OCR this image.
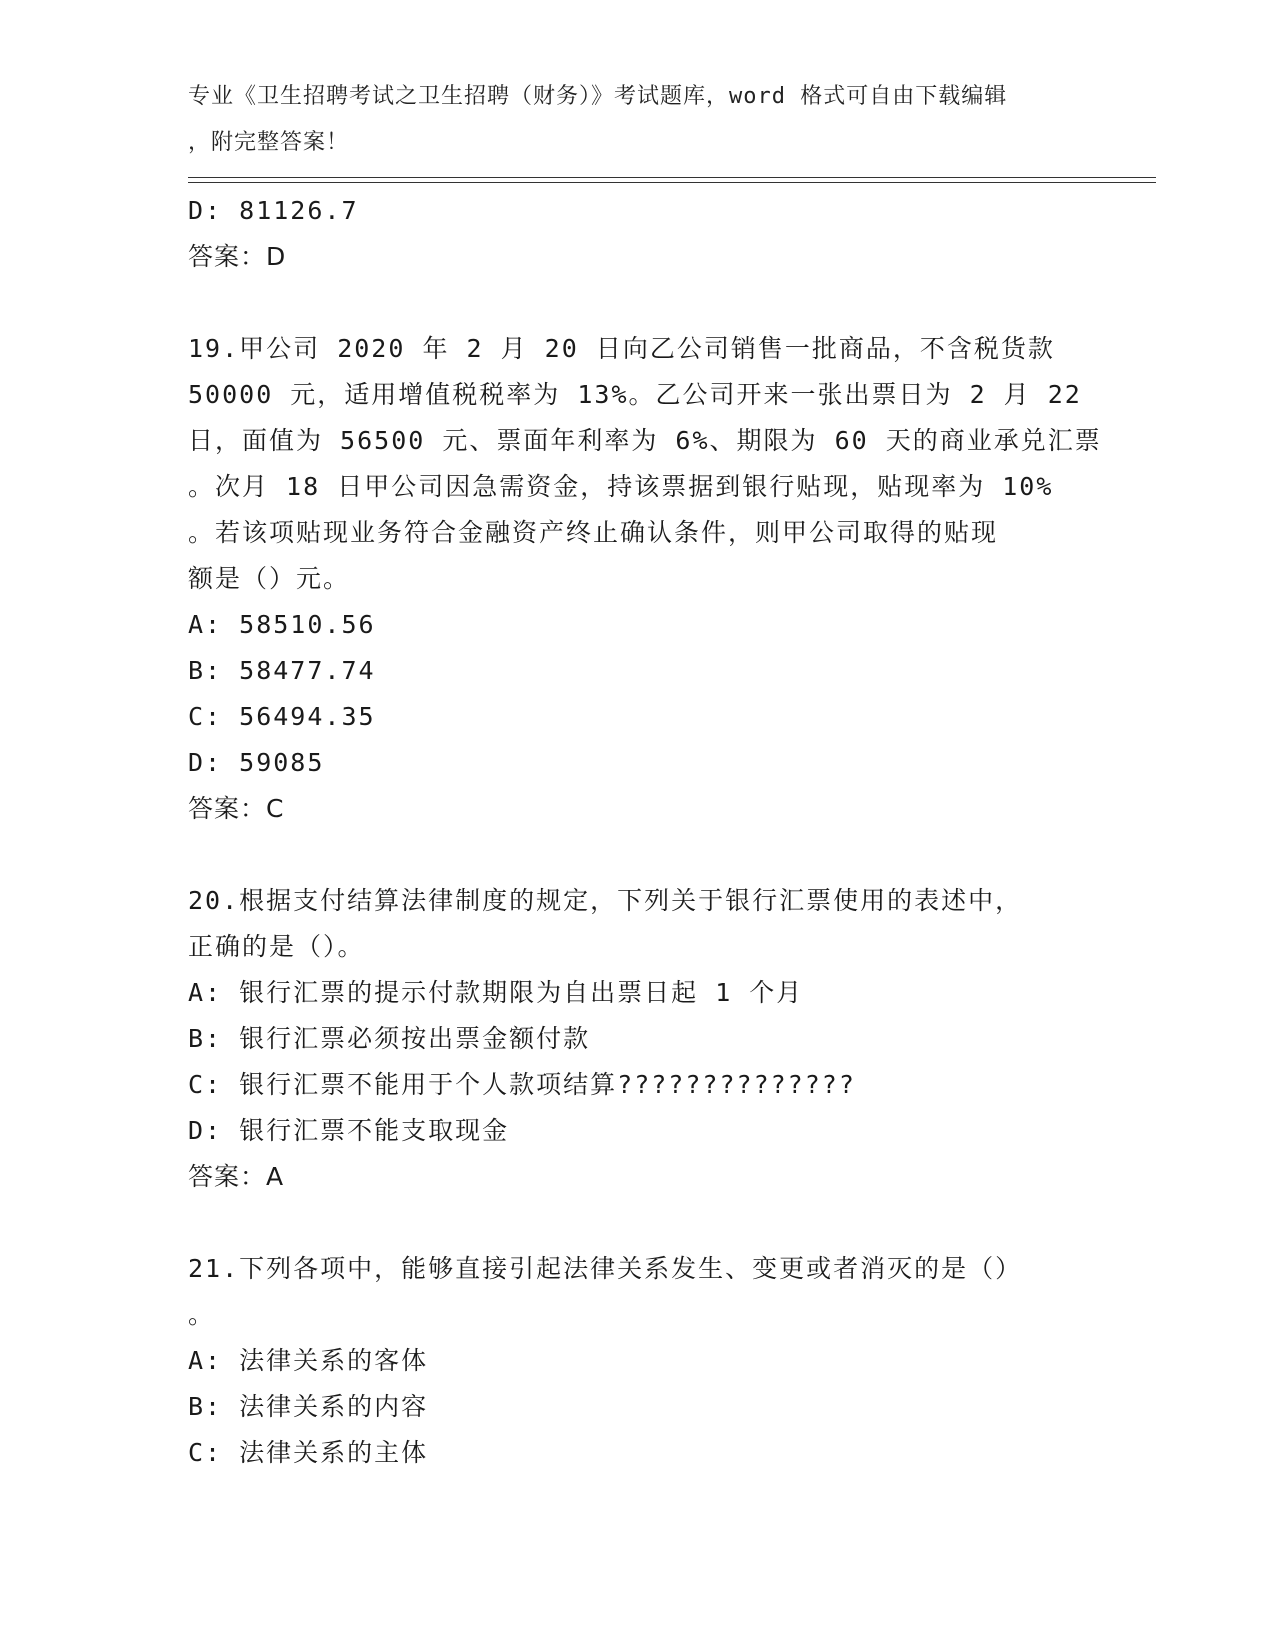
专业《卫生招聘考试之卫生招聘（财务）》考试题库，word 格式可自由下载编辑
，附完整答案！
D: 81126.7
答案：D
19.甲公司 2020 年 2 月 20 日向乙公司销售一批商品，不含税货款
50000 元，适用增值税税率为 13%。乙公司开来一张出票日为 2 月 22
日，面值为 56500 元、票面年利率为 6%、期限为 60 天的商业承兑汇票
。次月 18 日甲公司因急需资金，持该票据到银行贴现，贴现率为 10%
。若该项贴现业务符合金融资产终止确认条件，则甲公司取得的贴现
额是（）元。
A: 58510.56
B: 58477.74
C: 56494.35
D: 59085
答案：C
20.根据支付结算法律制度的规定，下列关于银行汇票使用的表述中，
正确的是（）。
A: 银行汇票的提示付款期限为自出票日起 1 个月
B: 银行汇票必须按出票金额付款
C: 银行汇票不能用于个人款项结算??????????????
D: 银行汇票不能支取现金
答案：A
21.下列各项中，能够直接引起法律关系发生、变更或者消灭的是（）
。
A: 法律关系的客体
B: 法律关系的内容
C: 法律关系的主体
